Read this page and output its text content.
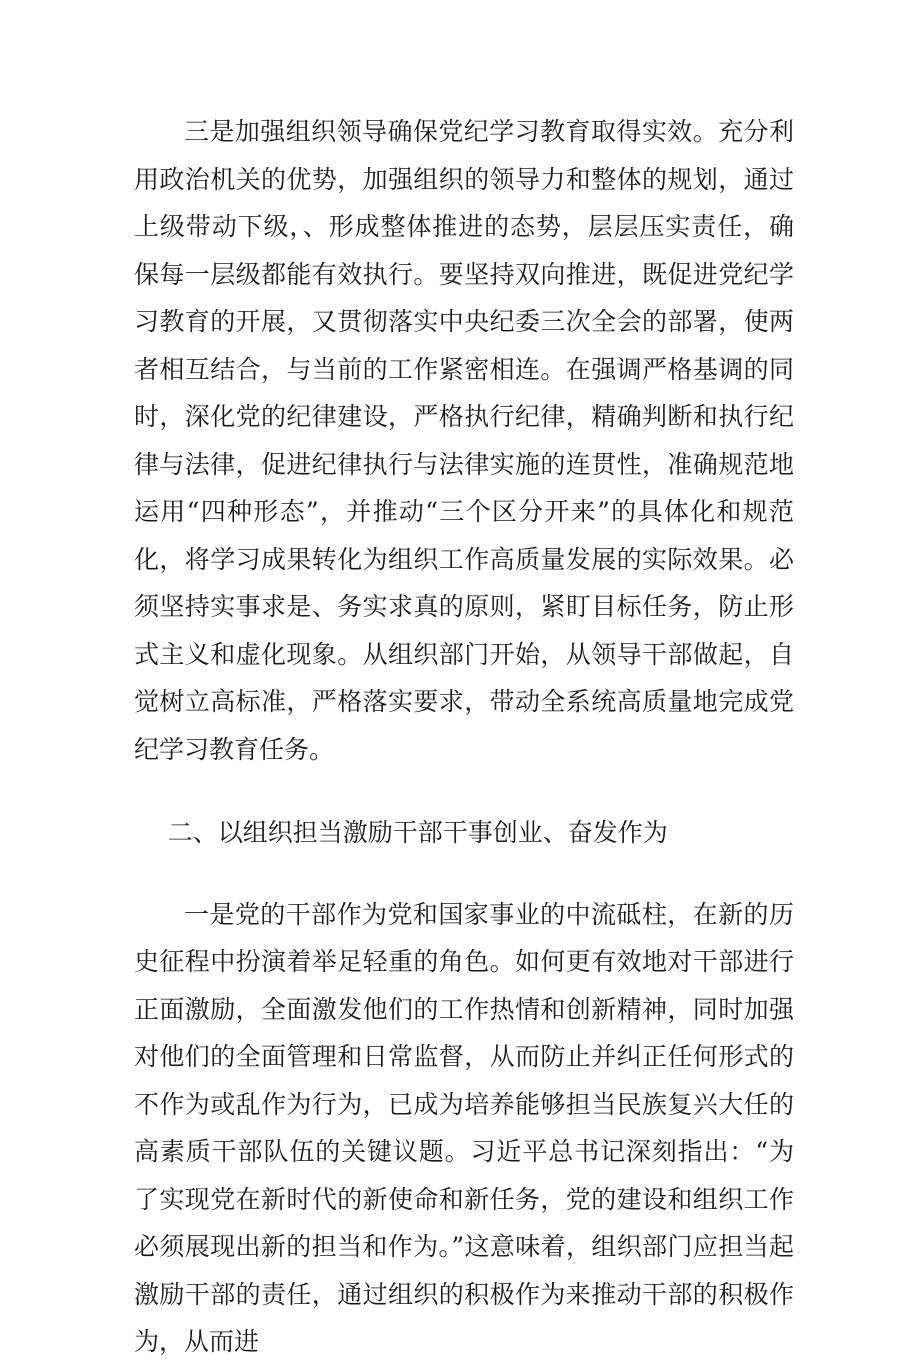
三是加强组织领导确保党纪学习教育取得实效。充分利用政治机关的优势，加强组织的领导力和整体的规划，通过上级带动下级，、形成整体推进的态势，层层压实责任，确保每一层级都能有效执行。要坚持双向推进，既促进党纪学习教育的开展，又贯彻落实中央纪委三次全会的部署，使两者相互结合，与当前的工作紧密相连。在强调严格基调的同时，深化党的纪律建设，严格执行纪律，精确判断和执行纪律与法律，促进纪律执行与法律实施的连贯性，准确规范地运用“四种形态”，并推动“三个区分开来”的具体化和规范化，将学习成果转化为组织工作高质量发展的实际效果。必须坚持实事求是、务实求真的原则，紧盯目标任务，防止形式主义和虚化现象。从组织部门开始，从领导干部做起，自觉树立高标准，严格落实要求，带动全系统高质量地完成党纪学习教育任务。

二、以组织担当激励干部干事创业、奋发作为

一是党的干部作为党和国家事业的中流砥柱，在新的历史征程中扮演着举足轻重的角色。如何更有效地对干部进行正面激励，全面激发他们的工作热情和创新精神，同时加强对他们的全面管理和日常监督，从而防止并纠正任何形式的不作为或乱作为行为，已成为培养能够担当民族复兴大任的高素质干部队伍的关键议题。习近平总书记深刻指出：“为了实现党在新时代的新使命和新任务，党的建设和组织工作必须展现出新的担当和作为。”这意味着，组织部门应担当起激励干部的责任，通过组织的积极作为来推动干部的积极作为，从而进
